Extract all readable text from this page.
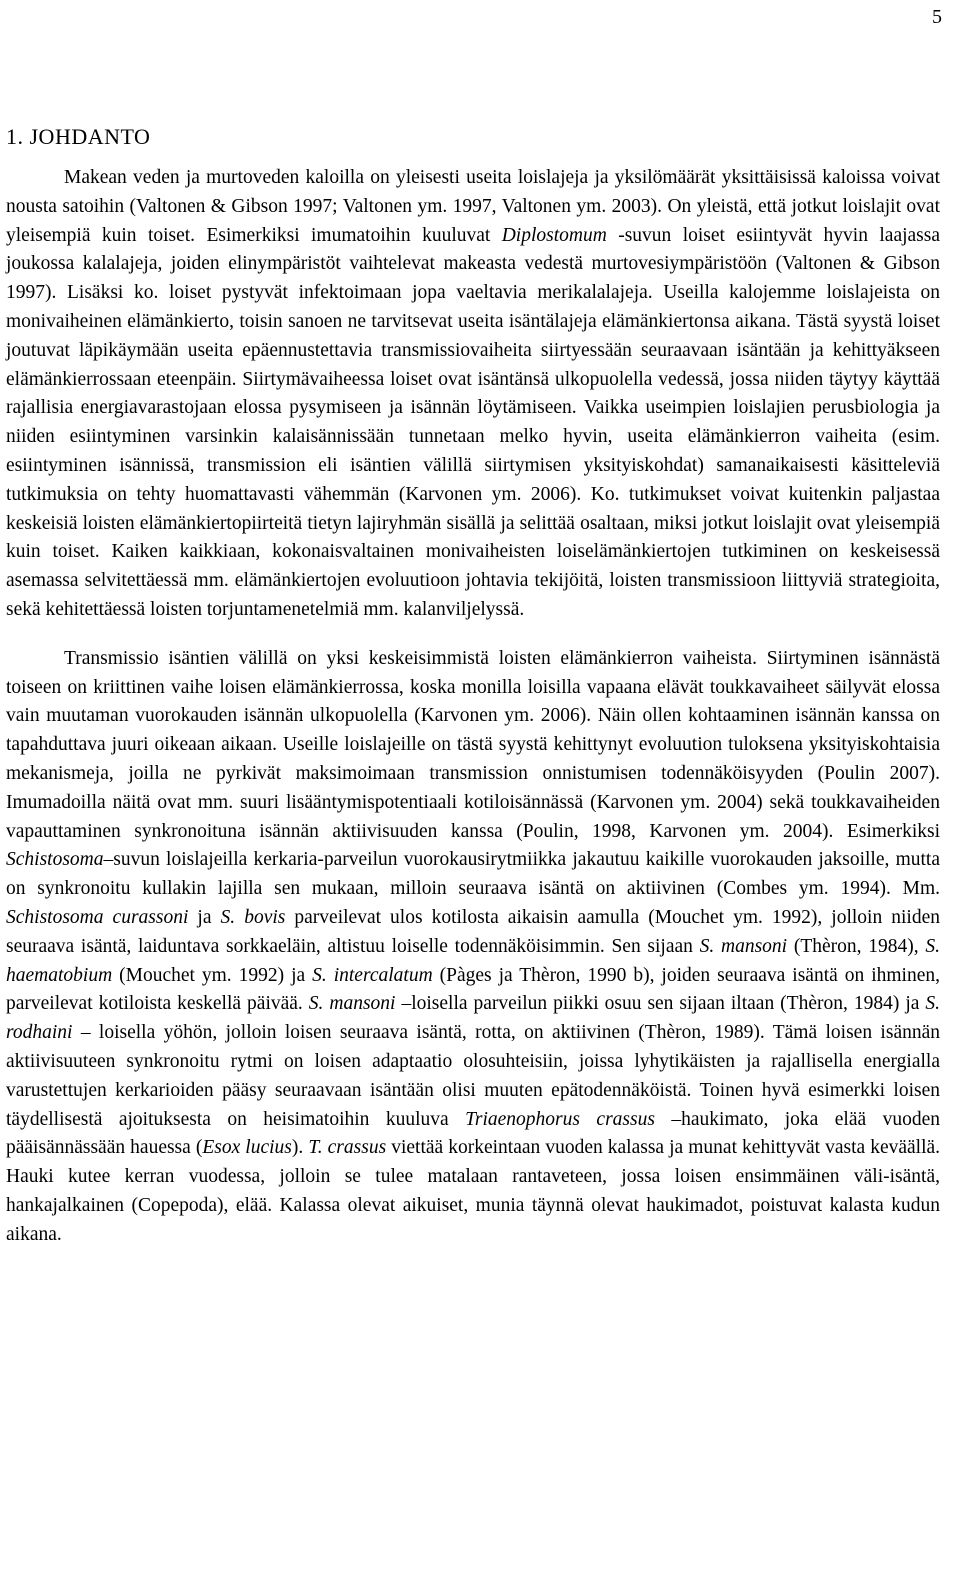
5
1. JOHDANTO

Makean veden ja murtoveden kaloilla on yleisesti useita loislajeja ja yksilömäärät yksittäisissä kaloissa voivat nousta satoihin (Valtonen & Gibson 1997; Valtonen ym. 1997, Valtonen ym. 2003). On yleistä, että jotkut loislajit ovat yleisempiä kuin toiset. Esimerkiksi imumatoihin kuuluvat Diplostomum -suvun loiset esiintyvät hyvin laajassa joukossa kalalajeja, joiden elinympäristöt vaihtelevat makeasta vedestä murtovesiympäristöön (Valtonen & Gibson 1997). Lisäksi ko. loiset pystyvät infektoimaan jopa vaeltavia merikalalajeja. Useilla kalojemme loislajeista on monivaiheinen elämänkierto, toisin sanoen ne tarvitsevat useita isäntälajeja elämänkiertonsa aikana. Tästä syystä loiset joutuvat läpikäymään useita epäennustettavia transmissiovaiheita siirtyessään seuraavaan isäntään ja kehittyäkseen elämänkierrossaan eteenpäin. Siirtymävaiheessa loiset ovat isäntänsä ulkopuolella vedessä, jossa niiden täytyy käyttää rajallisia energiavarastojaan elossa pysymiseen ja isännän löytämiseen. Vaikka useimpien loislajien perusbiologia ja niiden esiintyminen varsinkin kalaisännissään tunnetaan melko hyvin, useita elämänkierron vaiheita (esim. esiintyminen isännissä, transmission eli isäntien välillä siirtymisen yksityiskohdat) samanaikaisesti käsitteleviä tutkimuksia on tehty huomattavasti vähemmän (Karvonen ym. 2006). Ko. tutkimukset voivat kuitenkin paljastaa keskeisiä loisten elämänkiertopiirteitä tietyn lajiryhmän sisällä ja selittää osaltaan, miksi jotkut loislajit ovat yleisempiä kuin toiset. Kaiken kaikkiaan, kokonaisvaltainen monivaiheisten loiselämänkiertojen tutkiminen on keskeisessä asemassa selvitettäessä mm. elämänkiertojen evoluutioon johtavia tekijöitä, loisten transmissioon liittyviä strategioita, sekä kehitettäessä loisten torjuntamenetelmiä mm. kalanviljelyssä.

Transmissio isäntien välillä on yksi keskeisimmistä loisten elämänkierron vaiheista. Siirtyminen isännästä toiseen on kriittinen vaihe loisen elämänkierrossa, koska monilla loisilla vapaana elävät toukkavaiheet säilyvät elossa vain muutaman vuorokauden isännän ulkopuolella (Karvonen ym. 2006). Näin ollen kohtaaminen isännän kanssa on tapahduttava juuri oikeaan aikaan. Useille loislajeille on tästä syystä kehittynyt evoluution tuloksena yksityiskohtaisia mekanismeja, joilla ne pyrkivät maksimoimaan transmission onnistumisen todennäköisyyden (Poulin 2007). Imumadoilla näitä ovat mm. suuri lisääntymispotentiaali kotiloisännässä (Karvonen ym. 2004) sekä toukkavaiheiden vapauttaminen synkronoituna isännän aktiivisuuden kanssa (Poulin, 1998, Karvonen ym. 2004). Esimerkiksi Schistosoma–suvun loislajeilla kerkaria-parveilun vuorokausirytmiikka jakautuu kaikille vuorokauden jaksoille, mutta on synkronoitu kullakin lajilla sen mukaan, milloin seuraava isäntä on aktiivinen (Combes ym. 1994). Mm. Schistosoma curassoni ja S. bovis parveilevat ulos kotilosta aikaisin aamulla (Mouchet ym. 1992), jolloin niiden seuraava isäntä, laiduntava sorkkaeläin, altistuu loiselle todennäköisimmin. Sen sijaan S. mansoni (Thèron, 1984), S. haematobium (Mouchet ym. 1992) ja S. intercalatum (Pàges ja Thèron, 1990 b), joiden seuraava isäntä on ihminen, parveilevat kotiloista keskellä päivää. S. mansoni –loisella parveilun piikki osuu sen sijaan iltaan (Thèron, 1984) ja S. rodhaini – loisella yöhön, jolloin loisen seuraava isäntä, rotta, on aktiivinen (Thèron, 1989). Tämä loisen isännän aktiivisuuteen synkronoitu rytmi on loisen adaptaatio olosuhteisiin, joissa lyhytikäisten ja rajallisella energialla varustettujen kerkarioiden pääsy seuraavaan isäntään olisi muuten epätodennäköistä. Toinen hyvä esimerkki loisen täydellisestä ajoituksesta on heisimatoihin kuuluva Triaenophorus crassus –haukimato, joka elää vuoden pääisännässään hauessa (Esox lucius). T. crassus viettää korkeintaan vuoden kalassa ja munat kehittyvät vasta keväällä. Hauki kutee kerran vuodessa, jolloin se tulee matalaan rantaveteen, jossa loisen ensimmäinen väli-isäntä, hankajalkainen (Copepoda), elää. Kalassa olevat aikuiset, munia täynnä olevat haukimadot, poistuvat kalasta kudun aikana.
